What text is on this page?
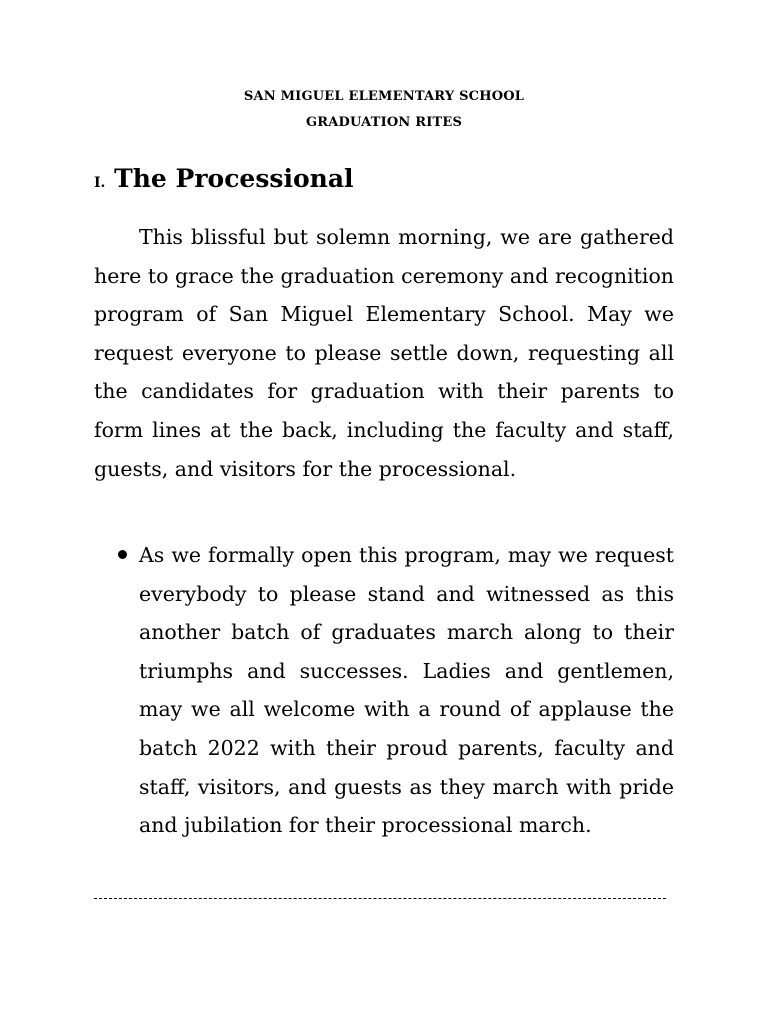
SAN MIGUEL ELEMENTARY SCHOOL
GRADUATION RITES
I. The Processional

This blissful but solemn morning, we are gathered here to grace the graduation ceremony and recognition program of San Miguel Elementary School. May we request everyone to please settle down, requesting all the candidates for graduation with their parents to form lines at the back, including the faculty and staff, guests, and visitors for the processional.

As we formally open this program, may we request everybody to please stand and witnessed as this another batch of graduates march along to their triumphs and successes. Ladies and gentlemen, may we all welcome with a round of applause the batch 2022 with their proud parents, faculty and staff, visitors, and guests as they march with pride and jubilation for their processional march.
